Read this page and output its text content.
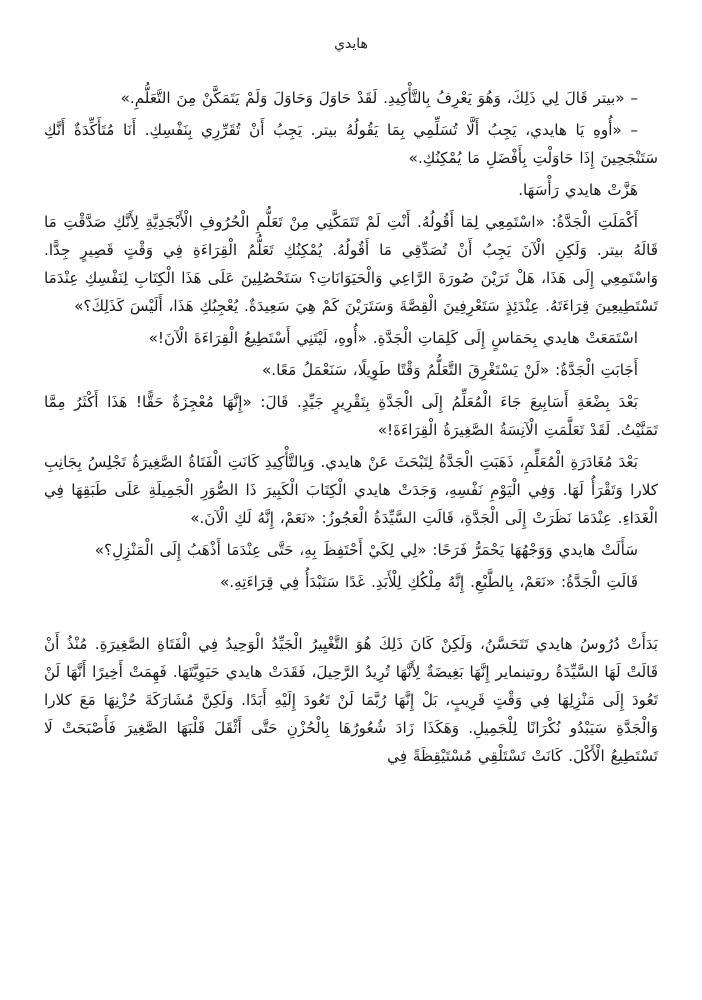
هايدي

– «بيتر قَالَ لِي ذَلِكَ، وَهُوَ يَعْرِفُ بِالتَّأْكِيدِ. لَقَدْ حَاوَلَ وَحَاوَلَ وَلَمْ يَتَمَكَّنْ مِنَ التَّعَلُّمِ.»

– «أُوهِ يَا هايدي، يَجِبُ أَلَّا تُسَلِّمِي بِمَا يَقُولُهُ بيتر. يَجِبُ أَنْ تُقَرِّرِي بِنَفْسِكِ. أَنَا مُتَأَكِّدَةٌ أَنَّكِ سَتَنْجَحِينَ إِذَا حَاوَلْتِ بِأَفْضَلِ مَا يُمْكِنُكِ.»

هَزَّتْ هايدي رَأْسَهَا.

أَكْمَلَتِ الْجَدَّةُ: «اسْتَمِعِي لِمَا أَقُولُهُ. أَنْتِ لَمْ تَتَمَكَّنِي مِنْ تَعَلُّمِ الْحُرُوفِ الْأَبْجَدِيَّةِ لِأَنَّكِ صَدَّقْتِ مَا قَالَهُ بيتر. وَلَكِنِ الْآنَ يَجِبُ أَنْ تُصَدِّقِي مَا أَقُولُهُ. يُمْكِنُكِ تَعَلُّمُ الْقِرَاءَةِ فِي وَقْتٍ قَصِيرٍ جِدًّا. وَاسْتَمِعِي إِلَى هَذَا، هَلْ تَرَيْنَ صُورَةَ الرَّاعِي وَالْحَيَوَانَاتِ؟ سَتَحْصُلِينَ عَلَى هَذَا الْكِتَابِ لِنَفْسِكِ عِنْدَمَا تَسْتَطِيعِينَ قِرَاءَتَهُ. عِنْدَئِذٍ سَتَعْرِفِينَ الْقِصَّةَ وَسَتَرَيْنَ كَمْ هِيَ سَعِيدَةٌ. يُعْجِبُكِ هَذَا، أَلَيْسَ كَذَلِكَ؟»

اسْتَمَعَتْ هايدي بِحَمَاسٍ إِلَى كَلِمَاتِ الْجَدَّةِ. «أُوهِ، لَيْتَنِي أَسْتَطِيعُ الْقِرَاءَةَ الْآنَ!»

أَجَابَتِ الْجَدَّةُ: «لَنْ يَسْتَغْرِقَ التَّعَلُّمُ وَقْتًا طَوِيلًا، سَنَعْمَلُ مَعًا.»

بَعْدَ بِضْعَةِ أَسَابِيعَ جَاءَ الْمُعَلِّمُ إِلَى الْجَدَّةِ بِتَقْرِيرٍ جَيِّدٍ. قَالَ: «إِنَّهَا مُعْجِزَةٌ حَقًّا! هَذَا أَكْثَرُ مِمَّا تَمَنَّيْتُ. لَقَدْ تَعَلَّمَتِ الْآنِسَةُ الصَّغِيرَةُ الْقِرَاءَةَ!»

بَعْدَ مُغَادَرَةِ الْمُعَلِّمِ، ذَهَبَتِ الْجَدَّةُ لِتَبْحَثَ عَنْ هايدي. وَبِالتَّأْكِيدِ كَانَتِ الْفَتَاةُ الصَّغِيرَةُ تَجْلِسُ بِجَانِبِ كلارا وَتَقْرَأُ لَهَا. وَفِي الْيَوْمِ نَفْسِهِ، وَجَدَتْ هايدي الْكِتَابَ الْكَبِيرَ ذَا الصُّوَرِ الْجَمِيلَةِ عَلَى طَبَقِهَا فِي الْغَدَاءِ. عِنْدَمَا نَظَرَتْ إِلَى الْجَدَّةِ، قَالَتِ السَّيِّدَةُ الْعَجُوزُ: «نَعَمْ، إِنَّهُ لَكِ الْآنَ.»

سَأَلَتْ هايدي وَوَجْهُهَا يَحْمَرُّ فَرَحًا: «لِي لِكَيْ أَحْتَفِظَ بِهِ، حَتَّى عِنْدَمَا أَذْهَبُ إِلَى الْمَنْزِلِ؟»

قَالَتِ الْجَدَّةُ: «نَعَمْ، بِالطَّبْعِ. إِنَّهُ مِلْكُكِ لِلْأَبَدِ. غَدًا سَنَبْدَأُ فِي قِرَاءَتِهِ.»

بَدَأَتْ دُرُوسُ هايدي تَتَحَسَّنُ، وَلَكِنْ كَانَ ذَلِكَ هُوَ التَّغْيِيرُ الْجَيِّدُ الْوَحِيدُ فِي الْفَتَاةِ الصَّغِيرَةِ. مُنْذُ أَنْ قَالَتْ لَهَا السَّيِّدَةُ روتينماير إِنَّهَا بَغِيضَةٌ لِأَنَّهَا تُرِيدُ الرَّحِيلَ، فَقَدَتْ هايدي حَيَوِيَّتَهَا. فَهِمَتْ أَخِيرًا أَنَّهَا لَنْ تَعُودَ إِلَى مَنْزِلِهَا فِي وَقْتٍ قَرِيبٍ، بَلْ إِنَّهَا رُبَّمَا لَنْ تَعُودَ إِلَيْهِ أَبَدًا. وَلَكِنَّ مُشَارَكَةَ حُزْنِهَا مَعَ كلارا وَالْجَدَّةِ سَيَبْدُو نُكْرَانًا لِلْجَمِيلِ. وَهَكَذَا زَادَ شُعُورُهَا بِالْحُزْنِ حَتَّى أَثْقَلَ قَلْبَهَا الصَّغِيرَ فَأَصْبَحَتْ لَا تَسْتَطِيعُ الْأَكْلَ. كَانَتْ تَسْتَلْقِي مُسْتَيْقِظَةً فِي
